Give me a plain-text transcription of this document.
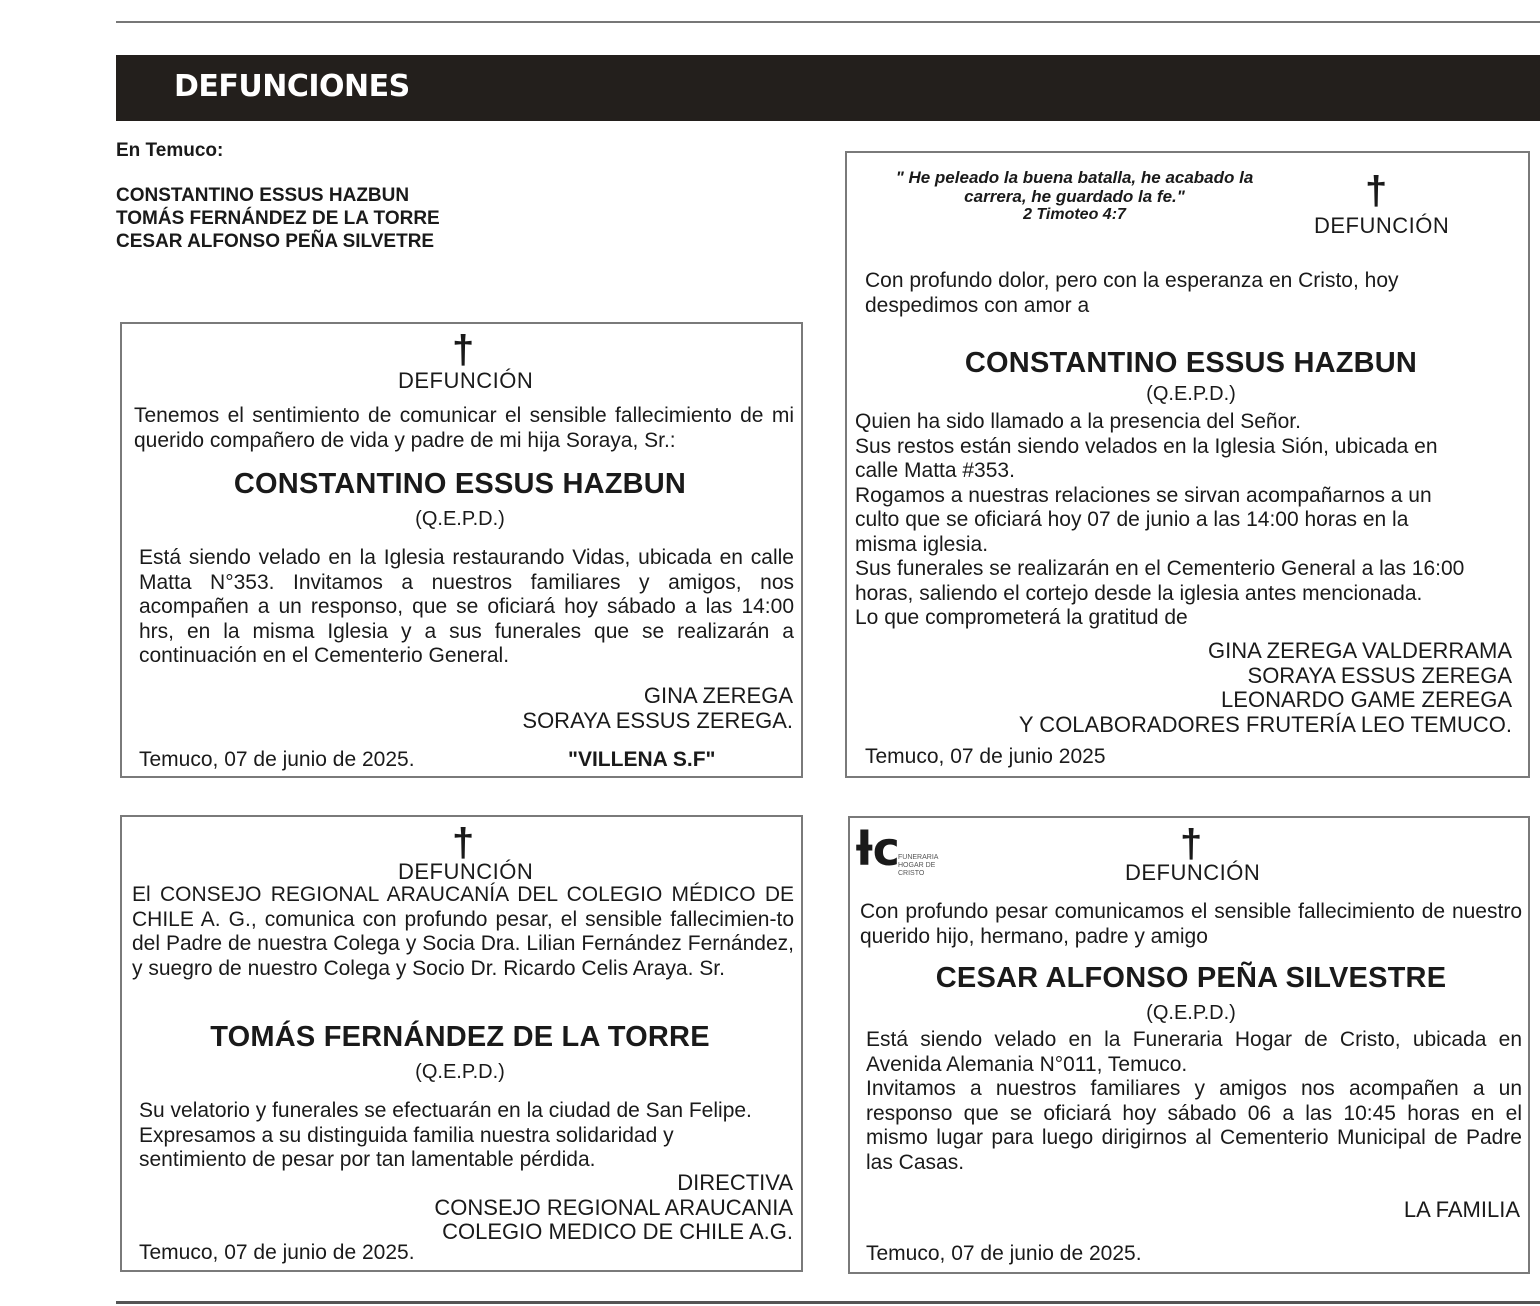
DEFUNCIONES
En Temuco:
CONSTANTINO ESSUS HAZBUN
TOMÁS FERNÁNDEZ DE LA TORRE
CESAR ALFONSO PEÑA SILVETRE
†
DEFUNCIÓN
Tenemos el sentimiento de comunicar el sensible fallecimiento de mi querido compañero de vida y padre de mi hija Soraya, Sr.:
CONSTANTINO ESSUS HAZBUN
(Q.E.P.D.)
Está siendo velado en la Iglesia restaurando Vidas, ubicada en calle Matta N°353. Invitamos a nuestros familiares y amigos, nos acompañen a un responso, que se oficiará hoy sábado a las 14:00 hrs, en la misma Iglesia y a sus funerales que se realizarán a continuación en el Cementerio General.
GINA ZEREGA
SORAYA ESSUS ZEREGA.
Temuco, 07 de junio de 2025.	"VILLENA S.F"
" He peleado la buena batalla, he acabado la
carrera, he guardado la fe."
2 Timoteo 4:7
†
DEFUNCIÓN
Con profundo dolor, pero con la esperanza en Cristo, hoy
despedimos con amor a
CONSTANTINO ESSUS HAZBUN
(Q.E.P.D.)
Quien ha sido llamado a la presencia del Señor.
Sus restos están siendo velados en la Iglesia Sión, ubicada en
calle Matta #353.
Rogamos a nuestras relaciones se sirvan acompañarnos a un
culto que se oficiará hoy 07 de junio a las 14:00 horas en la
misma iglesia.
Sus funerales se realizarán en el Cementerio General a las 16:00
horas, saliendo el cortejo desde la iglesia antes mencionada.
Lo que comprometerá la gratitud de
GINA ZEREGA VALDERRAMA
SORAYA ESSUS ZEREGA
LEONARDO GAME ZEREGA
Y COLABORADORES FRUTERÍA LEO TEMUCO.
Temuco, 07 de junio 2025
†
DEFUNCIÓN
El CONSEJO REGIONAL ARAUCANÍA DEL COLEGIO MÉDICO DE CHILE A. G., comunica con profundo pesar, el sensible fallecimien-to del Padre de nuestra Colega y Socia Dra. Lilian Fernández Fernández, y suegro de nuestro Colega y Socio Dr. Ricardo Celis Araya. Sr.
TOMÁS FERNÁNDEZ DE LA TORRE
(Q.E.P.D.)
Su velatorio y funerales se efectuarán en la ciudad de San Felipe.
Expresamos a su distinguida familia nuestra solidaridad y
sentimiento de pesar por tan lamentable pérdida.
DIRECTIVA
CONSEJO REGIONAL ARAUCANIA
COLEGIO MEDICO DE CHILE A.G.
Temuco, 07 de junio de 2025.
ƚc
FUNERARIA HOGAR DE CRISTO
†
DEFUNCIÓN
Con profundo pesar comunicamos el sensible fallecimiento de nuestro querido hijo, hermano, padre y amigo
CESAR ALFONSO PEÑA SILVESTRE
(Q.E.P.D.)
Está siendo velado en la Funeraria Hogar de Cristo, ubicada en Avenida Alemania N°011, Temuco.
Invitamos a nuestros familiares y amigos nos acompañen a un responso que se oficiará hoy sábado 06 a las 10:45 horas en el mismo lugar para luego dirigirnos al Cementerio Municipal de Padre las Casas.
LA FAMILIA
Temuco, 07 de junio de 2025.
